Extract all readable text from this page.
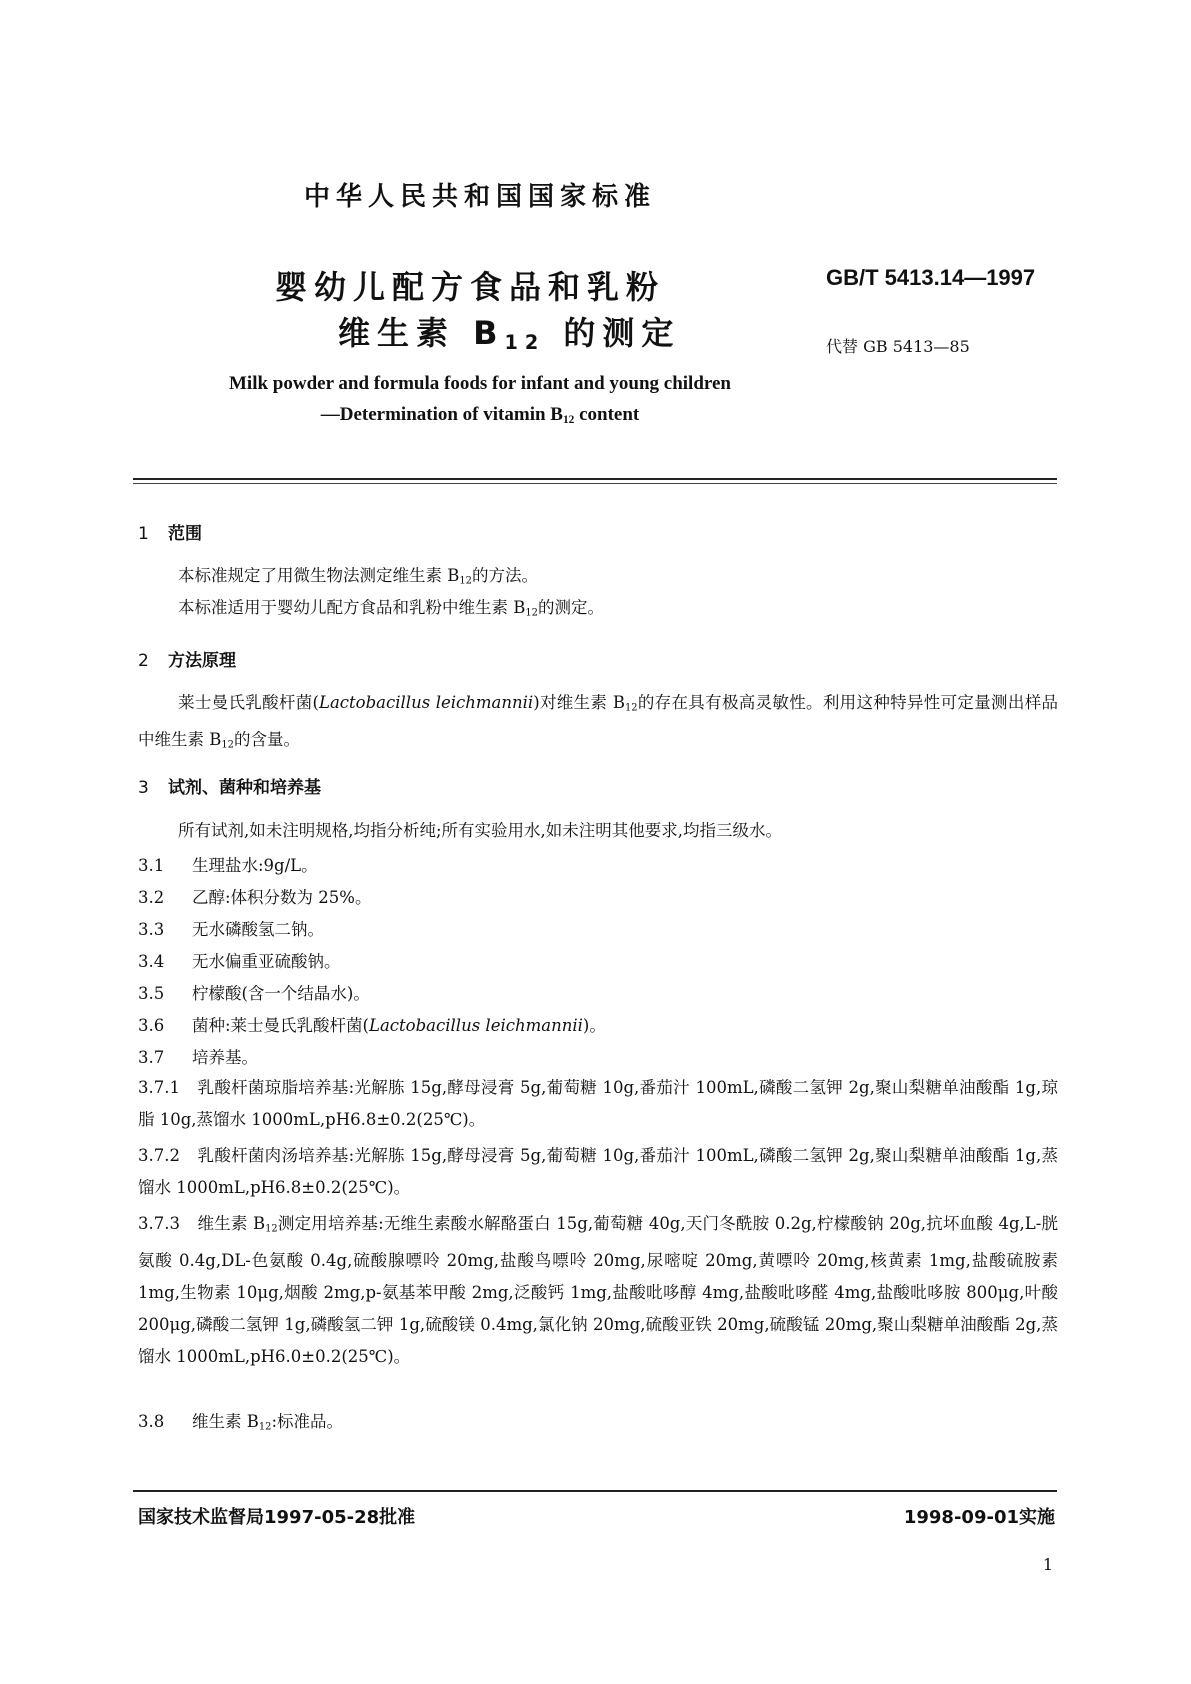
中华人民共和国国家标准
婴幼儿配方食品和乳粉
维生素 $B_{12}$ 的测定
GB/T 5413.14—1997
代替 GB 5413—85
Milk powder and formula foods for infant and young children
—Determination of vitamin $B_{12}$ content
1 范围
本标准规定了用微生物法测定维生素 $B_{12}$的方法。
本标准适用于婴幼儿配方食品和乳粉中维生素 $B_{12}$的测定。
2 方法原理
莱士曼氏乳酸杆菌(Lactobacillus leichmannii)对维生素 $B_{12}$的存在具有极高灵敏性。利用这种特异性可定量测出样品中维生素 $B_{12}$的含量。
3 试剂、菌种和培养基
所有试剂,如未注明规格,均指分析纯;所有实验用水,如未注明其他要求,均指三级水。
3.1 生理盐水:9g/L。
3.2 乙醇:体积分数为 25%。
3.3 无水磷酸氢二钠。
3.4 无水偏重亚硫酸钠。
3.5 柠檬酸(含一个结晶水)。
3.6 菌种:莱士曼氏乳酸杆菌(Lactobacillus leichmannii)。
3.7 培养基。
3.7.1 乳酸杆菌琼脂培养基:光解胨 15g,酵母浸膏 5g,葡萄糖 10g,番茄汁 100mL,磷酸二氢钾 2g,聚山梨糖单油酸酯 1g,琼脂 10g,蒸馏水 1000mL,pH6.8±0.2(25℃)。
3.7.2 乳酸杆菌肉汤培养基:光解胨 15g,酵母浸膏 5g,葡萄糖 10g,番茄汁 100mL,磷酸二氢钾 2g,聚山梨糖单油酸酯 1g,蒸馏水 1000mL,pH6.8±0.2(25℃)。
3.7.3 维生素 $B_{12}$测定用培养基:无维生素酸水解酪蛋白 15g,葡萄糖 40g,天门冬酰胺 0.2g,柠檬酸钠 20g,抗坏血酸 4g,L-胱氨酸 0.4g,DL-色氨酸 0.4g,硫酸腺嘌呤 20mg,盐酸鸟嘌呤 20mg,尿嘧啶 20mg,黄嘌呤 20mg,核黄素 1mg,盐酸硫胺素 1mg,生物素 10μg,烟酸 2mg,p-氨基苯甲酸 2mg,泛酸钙 1mg,盐酸吡哆醇 4mg,盐酸吡哆醛 4mg,盐酸吡哆胺 800μg,叶酸 200μg,磷酸二氢钾 1g,磷酸氢二钾 1g,硫酸镁 0.4mg,氯化钠 20mg,硫酸亚铁 20mg,硫酸锰 20mg,聚山梨糖单油酸酯 2g,蒸馏水 1000mL,pH6.0±0.2(25℃)。
3.8 维生素 $B_{12}$:标准品。
国家技术监督局1997-05-28批准	1998-09-01实施
1
